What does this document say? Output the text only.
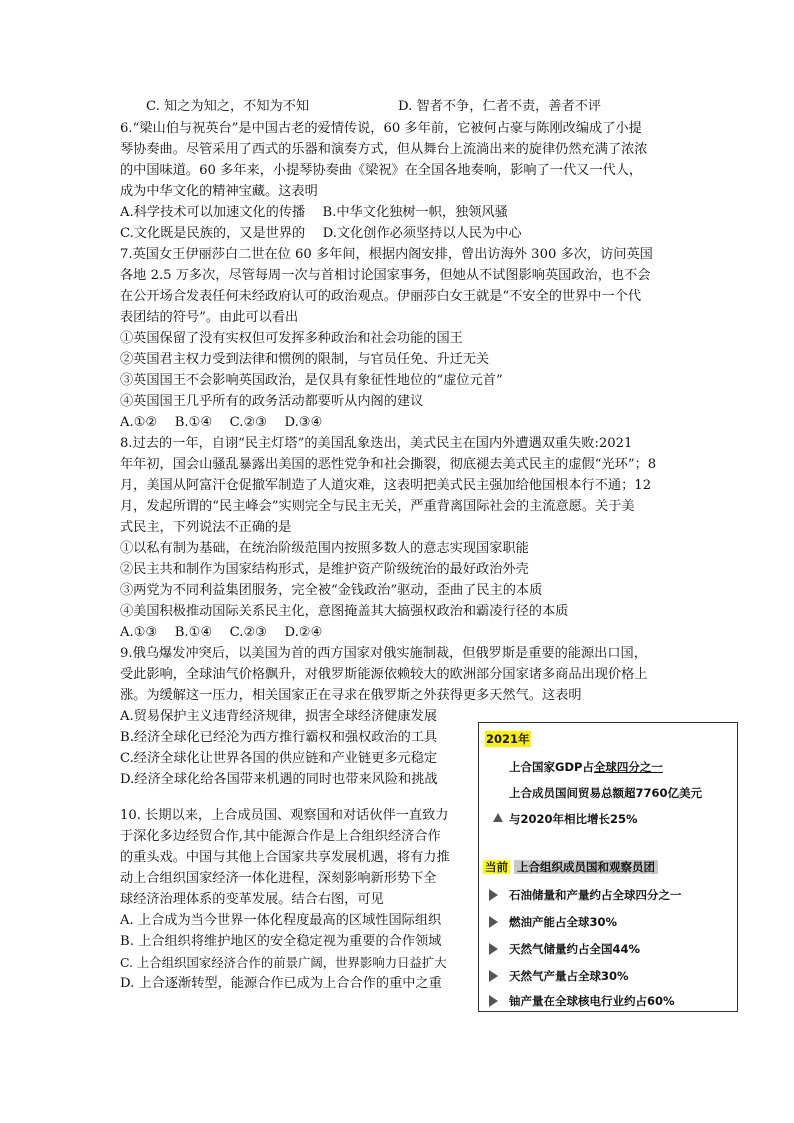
C. 知之为知之，不知为不知	D. 智者不争，仁者不责，善者不评
6.“梁山伯与祝英台”是中国古老的爱情传说，60 多年前，它被何占豪与陈刚改编成了小提
琴协奏曲。尽管采用了西式的乐器和演奏方式，但从舞台上流淌出来的旋律仍然充满了浓浓
的中国味道。60 多年来，小提琴协奏曲《梁祝》在全国各地奏响，影响了一代又一代人，
成为中华文化的精神宝藏。这表明
A.科学技术可以加速文化的传播　 B.中华文化独树一帜，独领风骚
C.文化既是民族的，又是世界的　 D.文化创作必须坚持以人民为中心
7.英国女王伊丽莎白二世在位 60 多年间，根据内阁安排，曾出访海外 300 多次，访问英国
各地 2.5 万多次，尽管每周一次与首相讨论国家事务，但她从不试图影响英国政治，也不会
在公开场合发表任何未经政府认可的政治观点。伊丽莎白女王就是“不安全的世界中一个代
表团结的符号”。由此可以看出
①英国保留了没有实权但可发挥多种政治和社会功能的国王
②英国君主权力受到法律和惯例的限制，与官员任免、升迁无关
③英国国王不会影响英国政治，是仅具有象征性地位的“虚位元首”
④英国国王几乎所有的政务活动都要听从内阁的建议
A.①②　 B.①④　 C.②③　 D.③④
8.过去的一年，自诩“民主灯塔”的美国乱象迭出，美式民主在国内外遭遇双重失败:2021
年年初，国会山骚乱暴露出美国的恶性党争和社会撕裂，彻底褪去美式民主的虚假“光环”；8
月，美国从阿富汗仓促撤军制造了人道灾难，这表明把美式民主强加给他国根本行不通；12
月，发起所谓的“民主峰会”实则完全与民主无关，严重背离国际社会的主流意愿。关于美
式民主，下列说法不正确的是
①以私有制为基础，在统治阶级范围内按照多数人的意志实现国家职能
②民主共和制作为国家结构形式，是维护资产阶级统治的最好政治外壳
③两党为不同利益集团服务，完全被“金钱政治”驱动，歪曲了民主的本质
④美国积极推动国际关系民主化，意图掩盖其大搞强权政治和霸凌行径的本质
A.①③　 B.①④　 C.②③　 D.②④
9.俄乌爆发冲突后，以美国为首的西方国家对俄实施制裁，但俄罗斯是重要的能源出口国，
受此影响，全球油气价格飘升，对俄罗斯能源依赖较大的欧洲部分国家诸多商品出现价格上
涨。为缓解这一压力，相关国家正在寻求在俄罗斯之外获得更多天然气。这表明
A.贸易保护主义违背经济规律，损害全球经济健康发展
B.经济全球化已经沦为西方推行霸权和强权政治的工具
C.经济全球化让世界各国的供应链和产业链更多元稳定
D.经济全球化给各国带来机遇的同时也带来风险和挑战
10. 长期以来，上合成员国、观察国和对话伙伴一直致力
于深化多边经贸合作,其中能源合作是上合组织经济合作
的重头戏。中国与其他上合国家共享发展机遇，将有力推
动上合组织国家经济一体化进程，深刻影响新形势下全
球经济治理体系的变革发展。结合右图，可见
A. 上合成为当今世界一体化程度最高的区域性国际组织
B. 上合组织将维护地区的安全稳定视为重要的合作领域
C. 上合组织国家经济合作的前景广阔，世界影响力日益扩大
D. 上合逐渐转型，能源合作已成为上合合作的重中之重
2021年
上合国家GDP占全球四分之一
上合成员国间贸易总额超7760亿美元
与2020年相比增长25%
当前 上合组织成员国和观察员团
石油储量和产量约占全球四分之一
燃油产能占全球30%
天然气储量约占全国44%
天然气产量占全球30%
铀产量在全球核电行业约占60%
